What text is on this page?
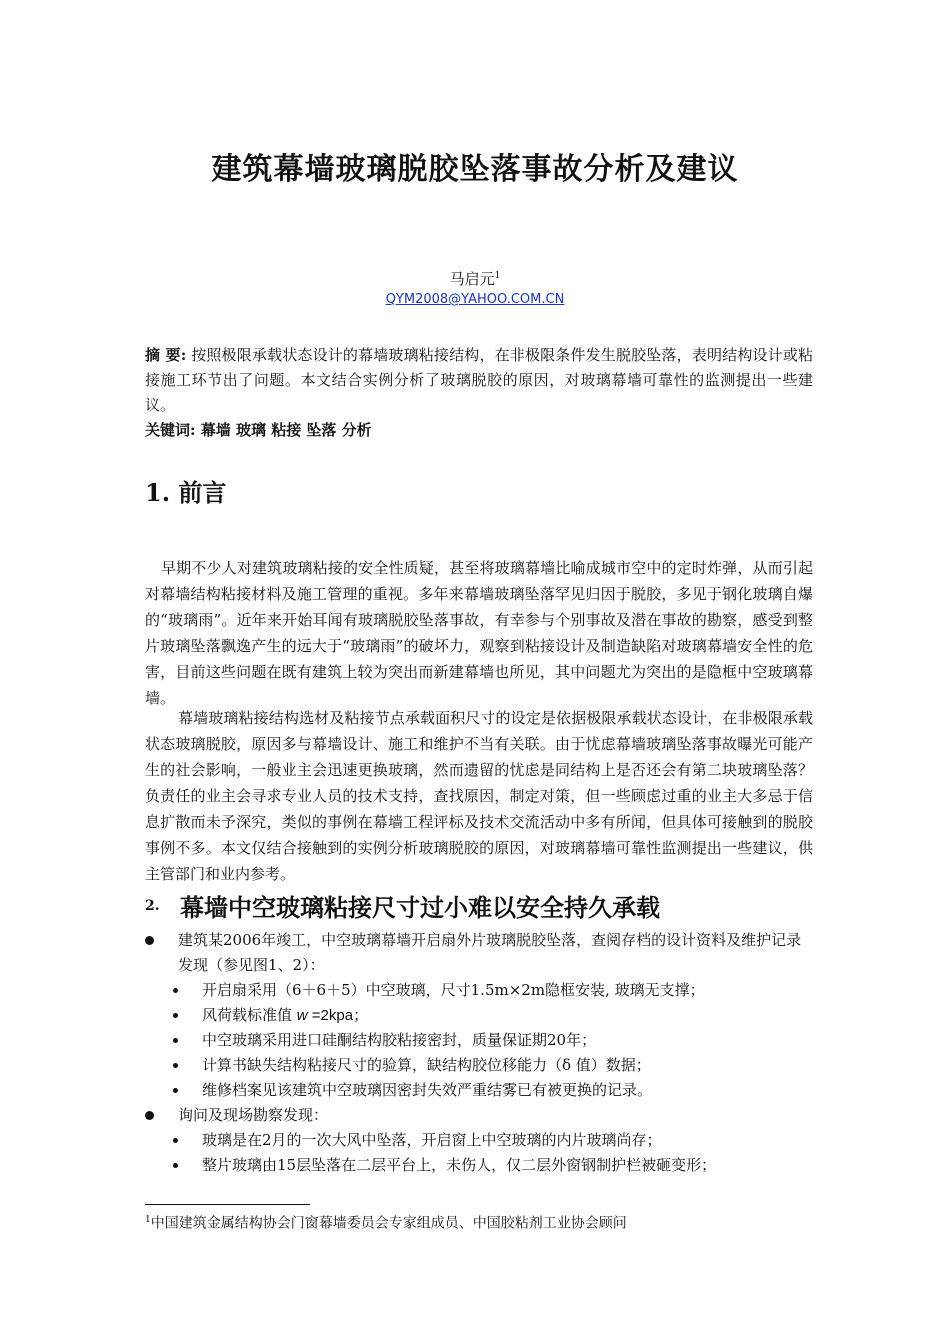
建筑幕墙玻璃脱胶坠落事故分析及建议
马启元$^1$
QYM2008@YAHOO.COM.CN
摘 要: 按照极限承载状态设计的幕墙玻璃粘接结构，在非极限条件发生脱胶坠落，表明结构设计或粘接施工环节出了问题。本文结合实例分析了玻璃脱胶的原因，对玻璃幕墙可靠性的监测提出一些建议。
关键词: 幕墙 玻璃 粘接 坠落 分析
1. 前言

早期不少人对建筑玻璃粘接的安全性质疑，甚至将玻璃幕墙比喻成城市空中的定时炸弹，从而引起对幕墙结构粘接材料及施工管理的重视。多年来幕墙玻璃坠落罕见归因于脱胶，多见于钢化玻璃自爆的“玻璃雨”。近年来开始耳闻有玻璃脱胶坠落事故，有幸参与个别事故及潜在事故的勘察，感受到整片玻璃坠落飘逸产生的远大于“玻璃雨”的破坏力，观察到粘接设计及制造缺陷对玻璃幕墙安全性的危害，目前这些问题在既有建筑上较为突出而新建幕墙也所见，其中问题尤为突出的是隐框中空玻璃幕墙。

幕墙玻璃粘接结构选材及粘接节点承载面积尺寸的设定是依据极限承载状态设计，在非极限承载状态玻璃脱胶，原因多与幕墙设计、施工和维护不当有关联。由于忧虑幕墙玻璃坠落事故曝光可能产生的社会影响，一般业主会迅速更换玻璃，然而遗留的忧虑是同结构上是否还会有第二块玻璃坠落？负责任的业主会寻求专业人员的技术支持，查找原因，制定对策，但一些顾虑过重的业主大多忌于信息扩散而未予深究，类似的事例在幕墙工程评标及技术交流活动中多有所闻，但具体可接触到的脱胶事例不多。本文仅结合接触到的实例分析玻璃脱胶的原因，对玻璃幕墙可靠性监测提出一些建议，供主管部门和业内参考。

2. 幕墙中空玻璃粘接尺寸过小难以安全持久承载
建筑某2006年竣工，中空玻璃幕墙开启扇外片玻璃脱胶坠落，查阅存档的设计资料及维护记录发现（参见图1、2）：
开启扇采用（6＋6＋5）中空玻璃，尺寸1.5m×2m隐框安装, 玻璃无支撑；
风荷载标准值 w =2kpa；
中空玻璃采用进口硅酮结构胶粘接密封，质量保证期20年；
计算书缺失结构粘接尺寸的验算，缺结构胶位移能力（δ 值）数据；
维修档案见该建筑中空玻璃因密封失效严重结雾已有被更换的记录。
询问及现场勘察发现：
玻璃是在2月的一次大风中坠落，开启窗上中空玻璃的内片玻璃尚存；
整片玻璃由15层坠落在二层平台上，未伤人，仅二层外窗钢制护栏被砸变形；
$^1$中国建筑金属结构协会门窗幕墙委员会专家组成员、中国胶粘剂工业协会顾问
